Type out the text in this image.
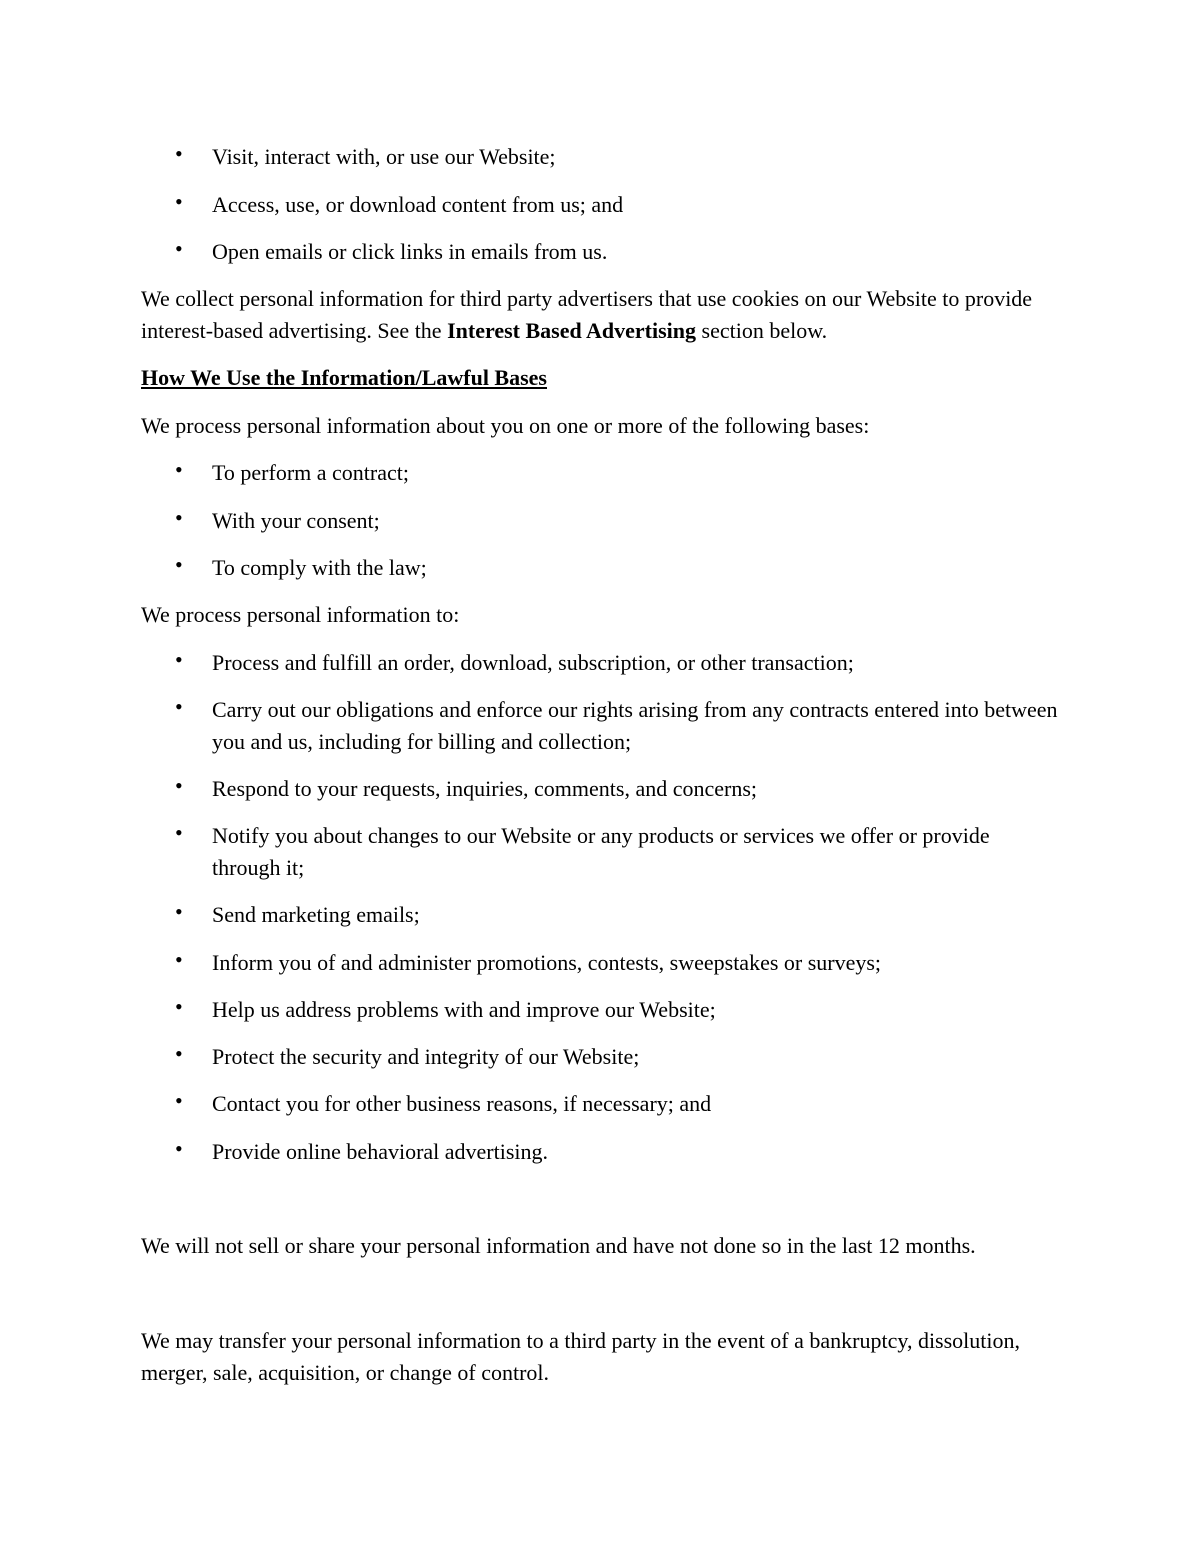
• Visit, interact with, or use our Website;
• Access, use, or download content from us; and
• Open emails or click links in emails from us.
We collect personal information for third party advertisers that use cookies on our Website to provide interest-based advertising. See the Interest Based Advertising section below.
How We Use the Information/Lawful Bases
We process personal information about you on one or more of the following bases:
• To perform a contract;
• With your consent;
• To comply with the law;
We process personal information to:
• Process and fulfill an order, download, subscription, or other transaction;
• Carry out our obligations and enforce our rights arising from any contracts entered into between you and us, including for billing and collection;
• Respond to your requests, inquiries, comments, and concerns;
• Notify you about changes to our Website or any products or services we offer or provide through it;
• Send marketing emails;
• Inform you of and administer promotions, contests, sweepstakes or surveys;
• Help us address problems with and improve our Website;
• Protect the security and integrity of our Website;
• Contact you for other business reasons, if necessary; and
• Provide online behavioral advertising.
We will not sell or share your personal information and have not done so in the last 12 months.
We may transfer your personal information to a third party in the event of a bankruptcy, dissolution, merger, sale, acquisition, or change of control.
